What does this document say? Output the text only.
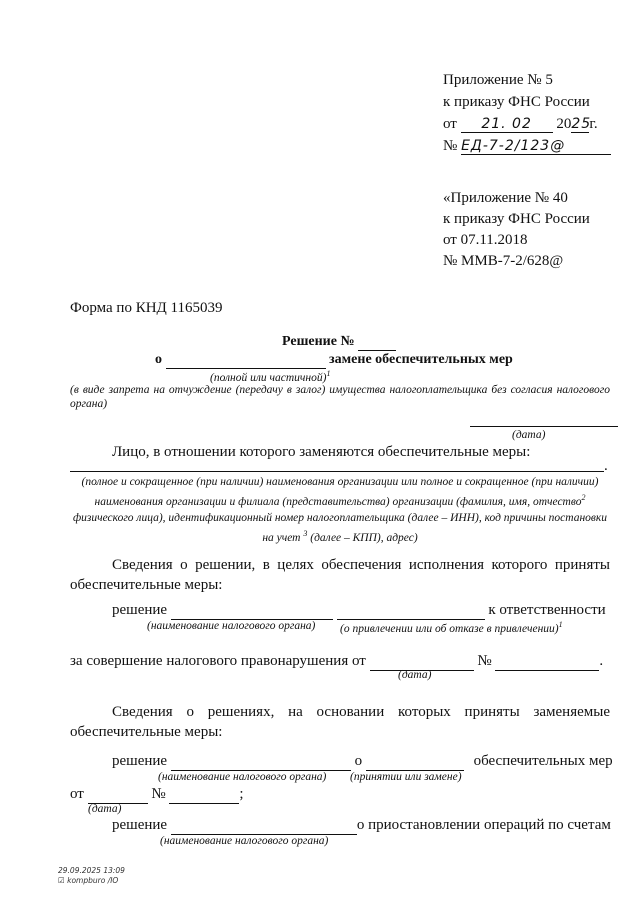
Приложение № 5
к приказу ФНС России
от 21. 02 2025г.
№ ЕД-7-2/123@
«Приложение № 40
к приказу ФНС России
от 07.11.2018
№ ММВ-7-2/628@
Форма по КНД 1165039
Решение №
о	замене обеспечительных мер
(полной или частичной)$^1$
(в виде запрета на отчуждение (передачу в залог) имущества налогоплательщика без согласия налогового органа)
(дата)
Лицо, в отношении которого заменяются обеспечительные меры:
.
(полное и сокращенное (при наличии) наименования организации или полное и сокращенное (при наличии) наименования организации и филиала (представительства) организации (фамилия, имя, отчество$^2$ физического лица), идентификационный номер налогоплательщика (далее – ИНН), код причины постановки на учет $^3$ (далее – КПП), адрес)
Сведения о решении, в целях обеспечения исполнения которого приняты обеспечительные меры:
решение	к ответственности
(наименование налогового органа) (о привлечении или об отказе в привлечении)$^1$
за совершение налогового правонарушения от	№	.
(дата)
Сведения о решениях, на основании которых приняты заменяемые обеспечительные меры:
решение	о	обеспечительных мер
(наименование налогового органа) (принятии или замене)
от	№	;
(дата)
решение	о приостановлении операций по счетам
(наименование налогового органа)
29.09.2025 13:09
☑ kompburo /IO
